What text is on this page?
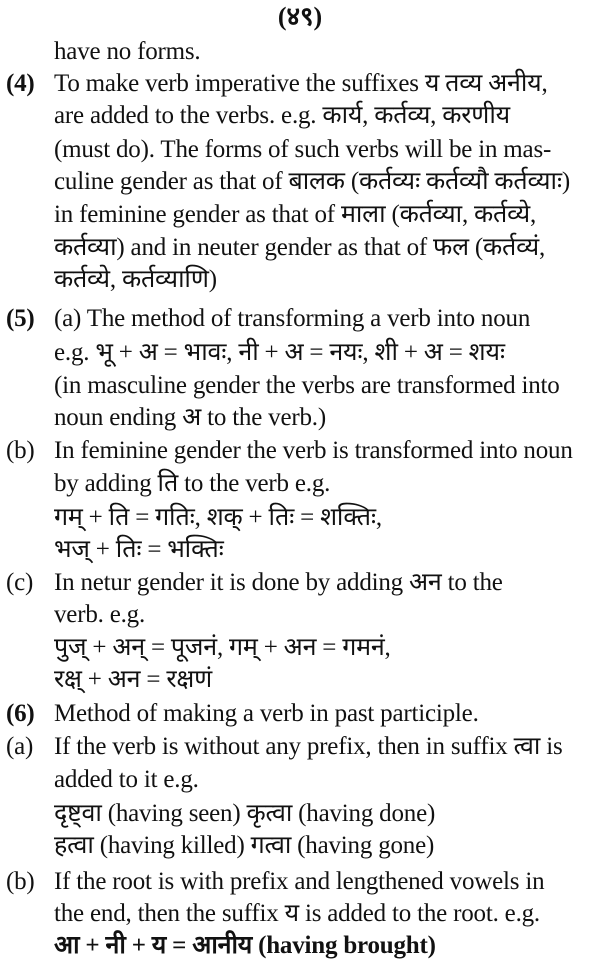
(४९)
have no forms.
(4) To make verb imperative the suffixes य तव्य अनीय,
are added to the verbs. e.g. कार्य, कर्तव्य, करणीय
(must do). The forms of such verbs will be in mas-
culine gender as that of बालक (कर्तव्यः कर्तव्यौ कर्तव्याः)
in feminine gender as that of माला (कर्तव्या, कर्तव्ये,
कर्तव्या) and in neuter gender as that of फल (कर्तव्यं,
कर्तव्ये, कर्तव्याणि)
(5) (a) The method of transforming a verb into noun
e.g. भू + अ = भावः, नी + अ = नयः, शी + अ = शयः
(in masculine gender the verbs are transformed into
noun ending अ to the verb.)
(b) In feminine gender the verb is transformed into noun
by adding ति to the verb e.g.
गम् + ति = गतिः, शक् + तिः = शक्तिः,
भज् + तिः = भक्तिः
(c) In netur gender it is done by adding अन to the
verb. e.g.
पुज् + अन् = पूजनं, गम् + अन = गमनं,
रक्ष् + अन = रक्षणं
(6) Method of making a verb in past participle.
(a) If the verb is without any prefix, then in suffix त्वा is
added to it e.g.
दृष्ट्वा (having seen) कृत्वा (having done)
हत्वा (having killed) गत्वा (having gone)
(b) If the root is with prefix and lengthened vowels in
the end, then the suffix य is added to the root. e.g.
आ + नी + य = आनीय (having brought)
